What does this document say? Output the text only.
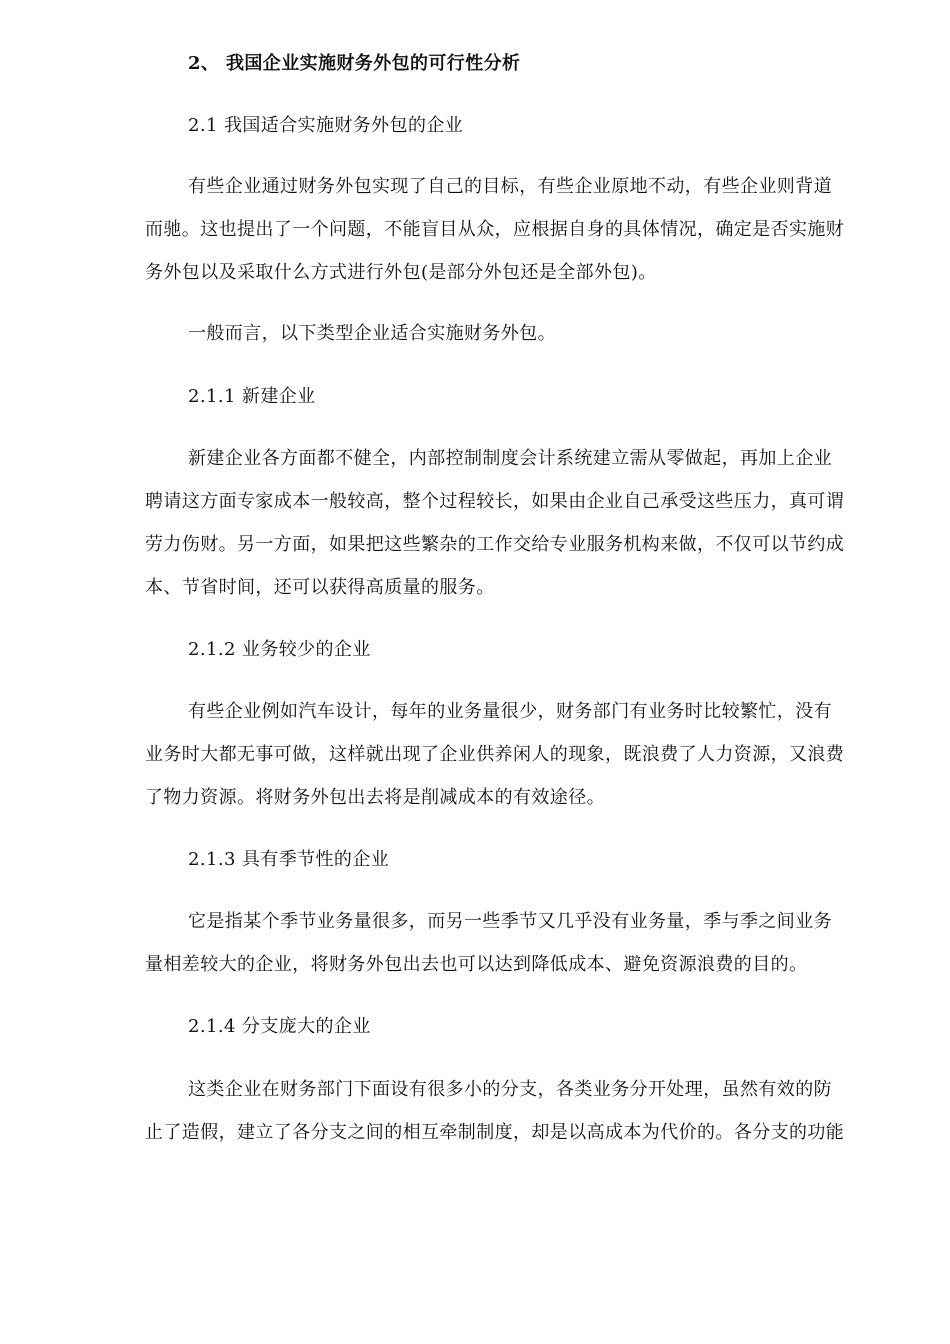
2、 我国企业实施财务外包的可行性分析
2.1 我国适合实施财务外包的企业
有些企业通过财务外包实现了自己的目标，有些企业原地不动，有些企业则背道
而驰。这也提出了一个问题，不能盲目从众，应根据自身的具体情况，确定是否实施财
务外包以及采取什么方式进行外包(是部分外包还是全部外包)。
一般而言，以下类型企业适合实施财务外包。
2.1.1 新建企业
新建企业各方面都不健全，内部控制制度会计系统建立需从零做起，再加上企业
聘请这方面专家成本一般较高，整个过程较长，如果由企业自己承受这些压力，真可谓
劳力伤财。另一方面，如果把这些繁杂的工作交给专业服务机构来做，不仅可以节约成
本、节省时间，还可以获得高质量的服务。
2.1.2 业务较少的企业
有些企业例如汽车设计，每年的业务量很少，财务部门有业务时比较繁忙，没有
业务时大都无事可做，这样就出现了企业供养闲人的现象，既浪费了人力资源，又浪费
了物力资源。将财务外包出去将是削减成本的有效途径。
2.1.3 具有季节性的企业
它是指某个季节业务量很多，而另一些季节又几乎没有业务量，季与季之间业务
量相差较大的企业，将财务外包出去也可以达到降低成本、避免资源浪费的目的。
2.1.4 分支庞大的企业
这类企业在财务部门下面设有很多小的分支，各类业务分开处理，虽然有效的防
止了造假，建立了各分支之间的相互牵制制度，却是以高成本为代价的。各分支的功能
